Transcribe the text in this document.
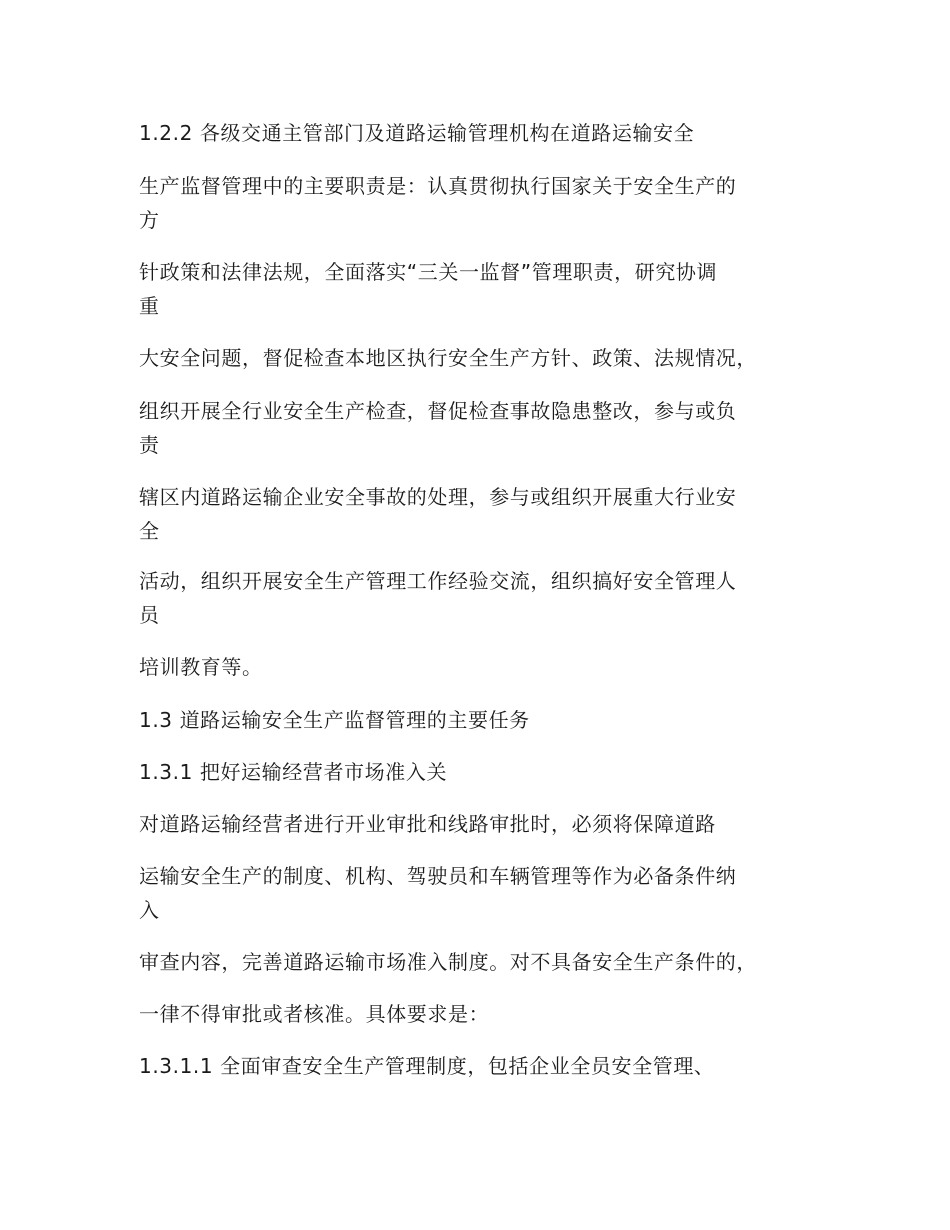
1.2.2 各级交通主管部门及道路运输管理机构在道路运输安全
生产监督管理中的主要职责是：认真贯彻执行国家关于安全生产的
方
针政策和法律法规，全面落实“三关一监督”管理职责，研究协调
重
大安全问题，督促检查本地区执行安全生产方针、政策、法规情况，
组织开展全行业安全生产检查，督促检查事故隐患整改，参与或负
责
辖区内道路运输企业安全事故的处理，参与或组织开展重大行业安
全
活动，组织开展安全生产管理工作经验交流，组织搞好安全管理人
员
培训教育等。
1.3 道路运输安全生产监督管理的主要任务
1.3.1 把好运输经营者市场准入关
对道路运输经营者进行开业审批和线路审批时，必须将保障道路
运输安全生产的制度、机构、驾驶员和车辆管理等作为必备条件纳
入
审查内容，完善道路运输市场准入制度。对不具备安全生产条件的，
一律不得审批或者核准。具体要求是：
1.3.1.1 全面审查安全生产管理制度，包括企业全员安全管理、
